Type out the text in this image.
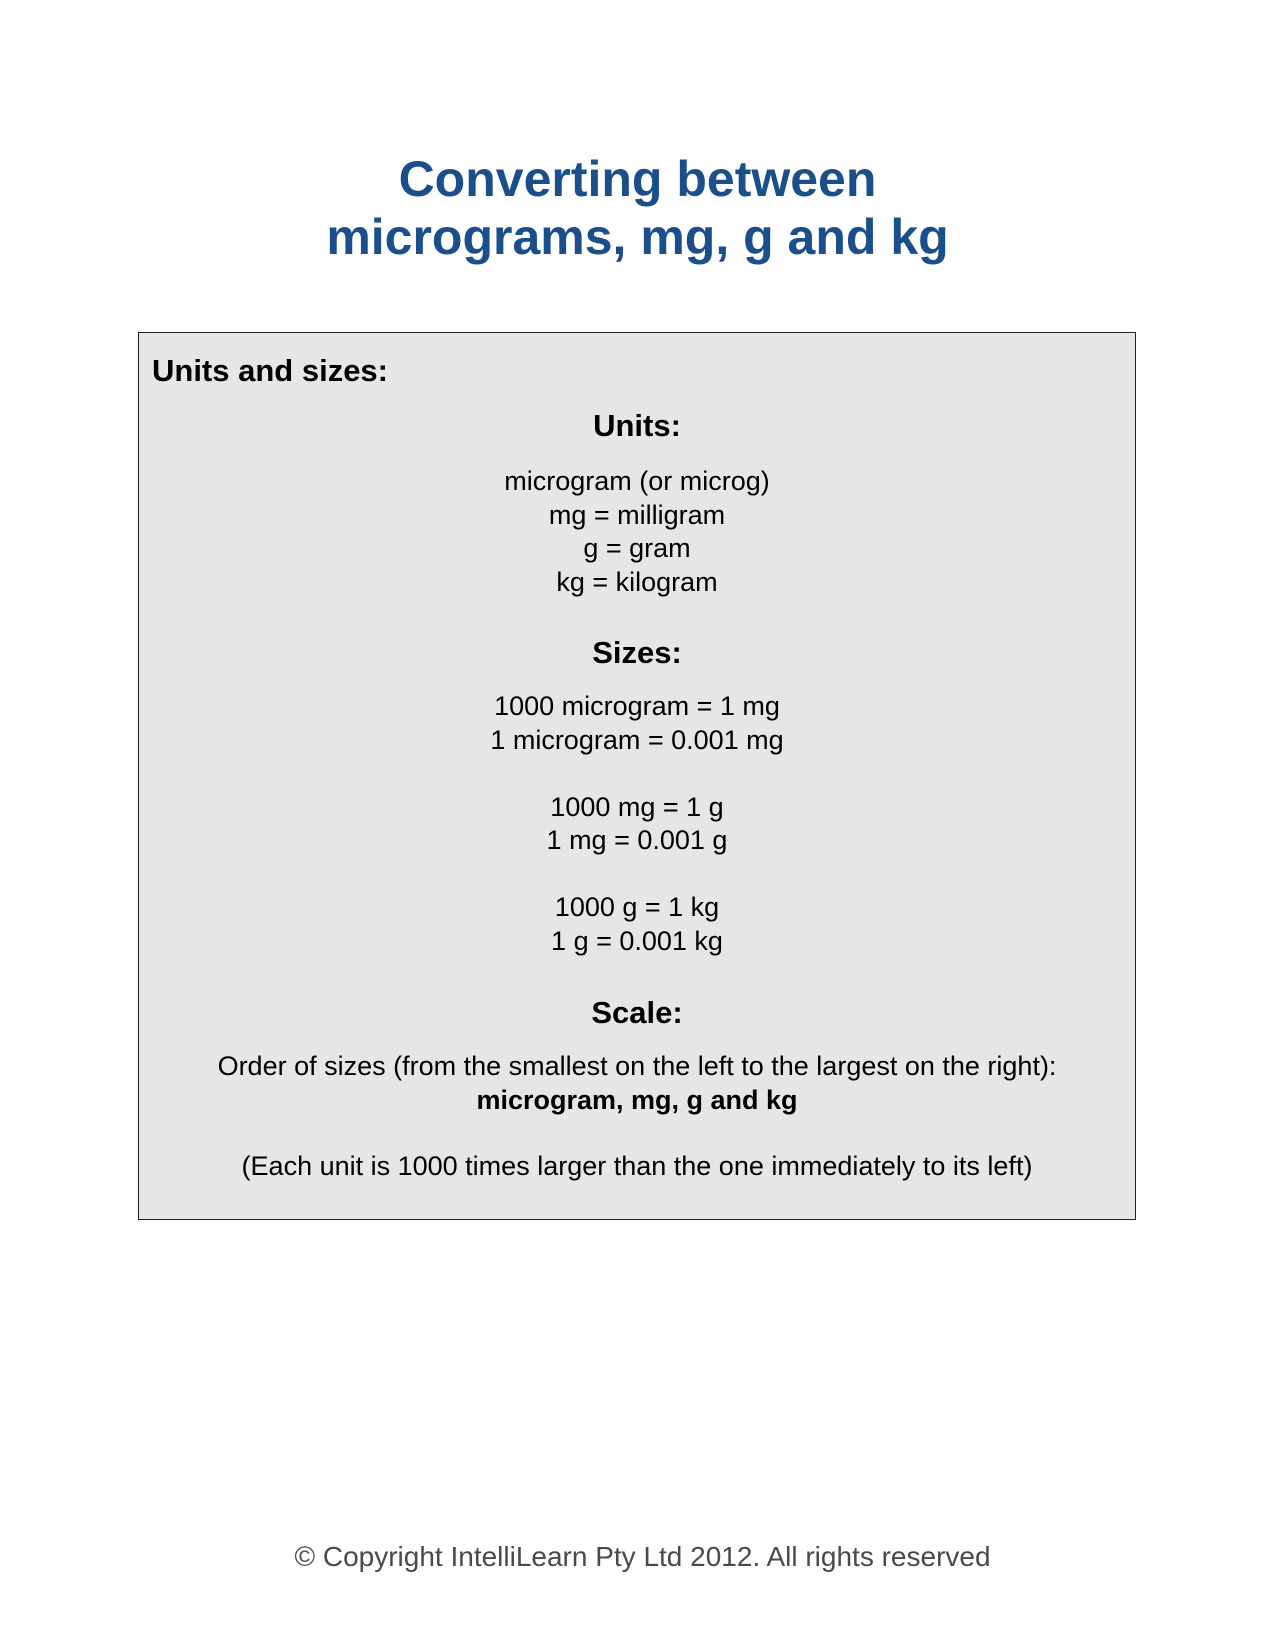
Converting between
micrograms, mg, g and kg
Units and sizes:
Units:
microgram (or microg)
mg = milligram
g = gram
kg = kilogram
Sizes:
1000 microgram = 1 mg
1 microgram = 0.001 mg
1000 mg = 1 g
1 mg = 0.001 g
1000 g = 1 kg
1 g = 0.001 kg
Scale:
Order of sizes (from the smallest on the left to the largest on the right):
microgram, mg, g and kg
(Each unit is 1000 times larger than the one immediately to its left)
© Copyright IntelliLearn Pty Ltd 2012. All rights reserved
